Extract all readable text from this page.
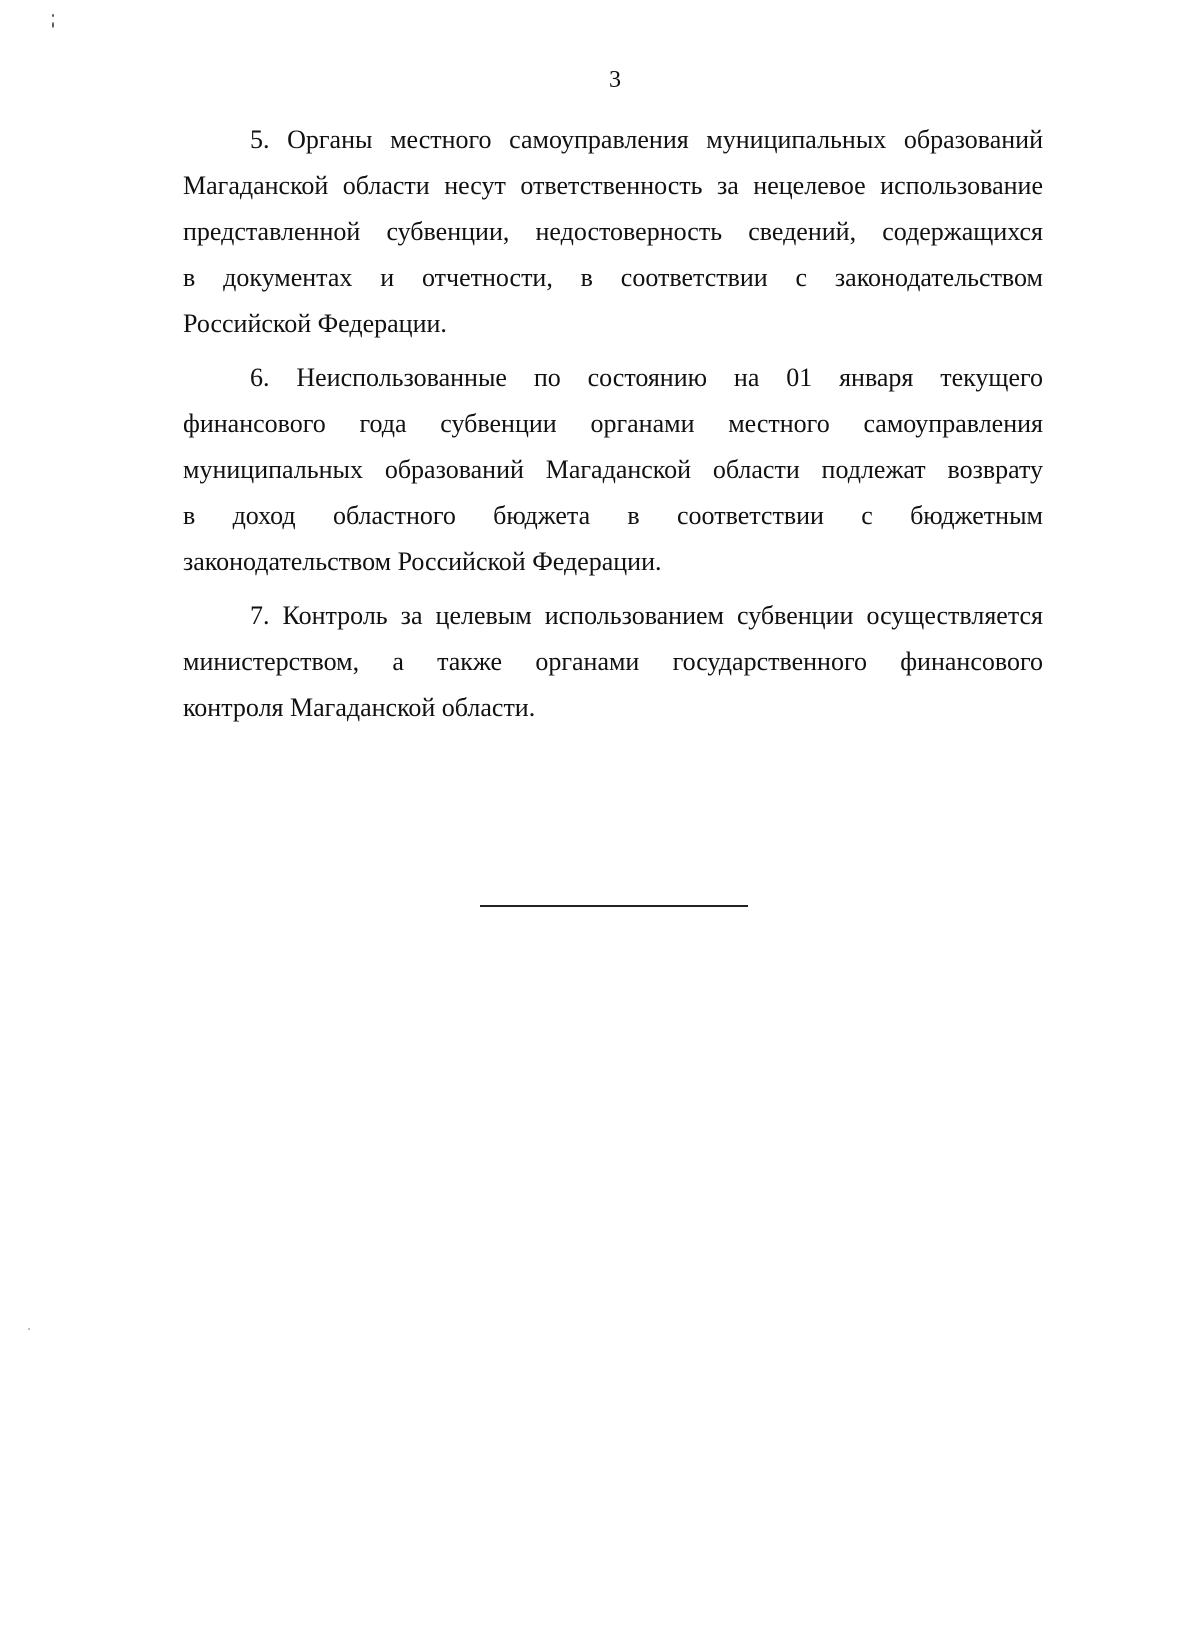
3

5. Органы местного самоуправления муниципальных образований
Магаданской области несут ответственность за нецелевое использование
представленной субвенции, недостоверность сведений, содержащихся
в документах и отчетности, в соответствии с законодательством
Российской Федерации.

6. Неиспользованные по состоянию на 01 января текущего
финансового года субвенции органами местного самоуправления
муниципальных образований Магаданской области подлежат возврату
в доход областного бюджета в соответствии с бюджетным
законодательством Российской Федерации.

7. Контроль за целевым использованием субвенции осуществляется
министерством, а также органами государственного финансового
контроля Магаданской области.
